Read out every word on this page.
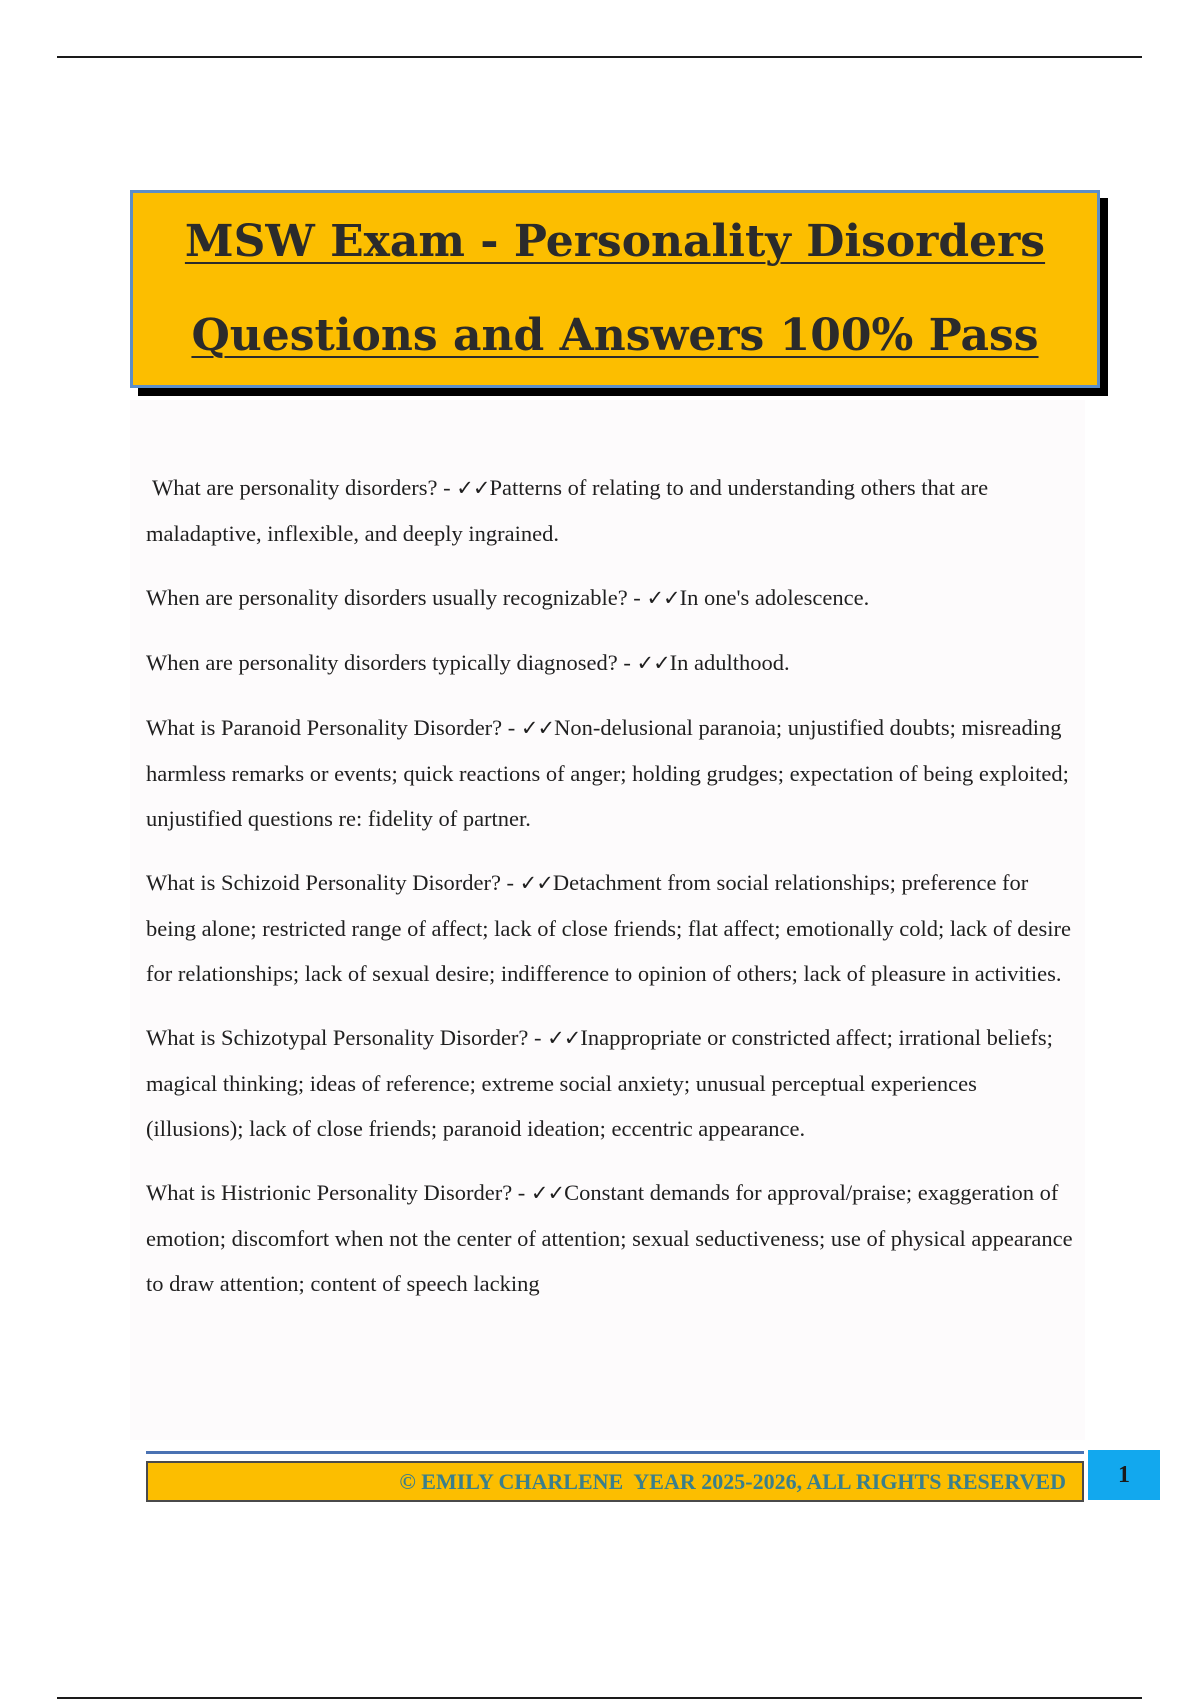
MSW Exam - Personality Disorders
Questions and Answers 100% Pass

What are personality disorders? - ✓✓Patterns of relating to and understanding others that are maladaptive, inflexible, and deeply ingrained.

When are personality disorders usually recognizable? - ✓✓In one's adolescence.

When are personality disorders typically diagnosed? - ✓✓In adulthood.

What is Paranoid Personality Disorder? - ✓✓Non-delusional paranoia; unjustified doubts; misreading harmless remarks or events; quick reactions of anger; holding grudges; expectation of being exploited; unjustified questions re: fidelity of partner.

What is Schizoid Personality Disorder? - ✓✓Detachment from social relationships; preference for being alone; restricted range of affect; lack of close friends; flat affect; emotionally cold; lack of desire for relationships; lack of sexual desire; indifference to opinion of others; lack of pleasure in activities.

What is Schizotypal Personality Disorder? - ✓✓Inappropriate or constricted affect; irrational beliefs; magical thinking; ideas of reference; extreme social anxiety; unusual perceptual experiences (illusions); lack of close friends; paranoid ideation; eccentric appearance.

What is Histrionic Personality Disorder? - ✓✓Constant demands for approval/praise; exaggeration of emotion; discomfort when not the center of attention; sexual seductiveness; use of physical appearance to draw attention; content of speech lacking

© EMILY CHARLENE  YEAR 2025-2026, ALL RIGHTS RESERVED 1
